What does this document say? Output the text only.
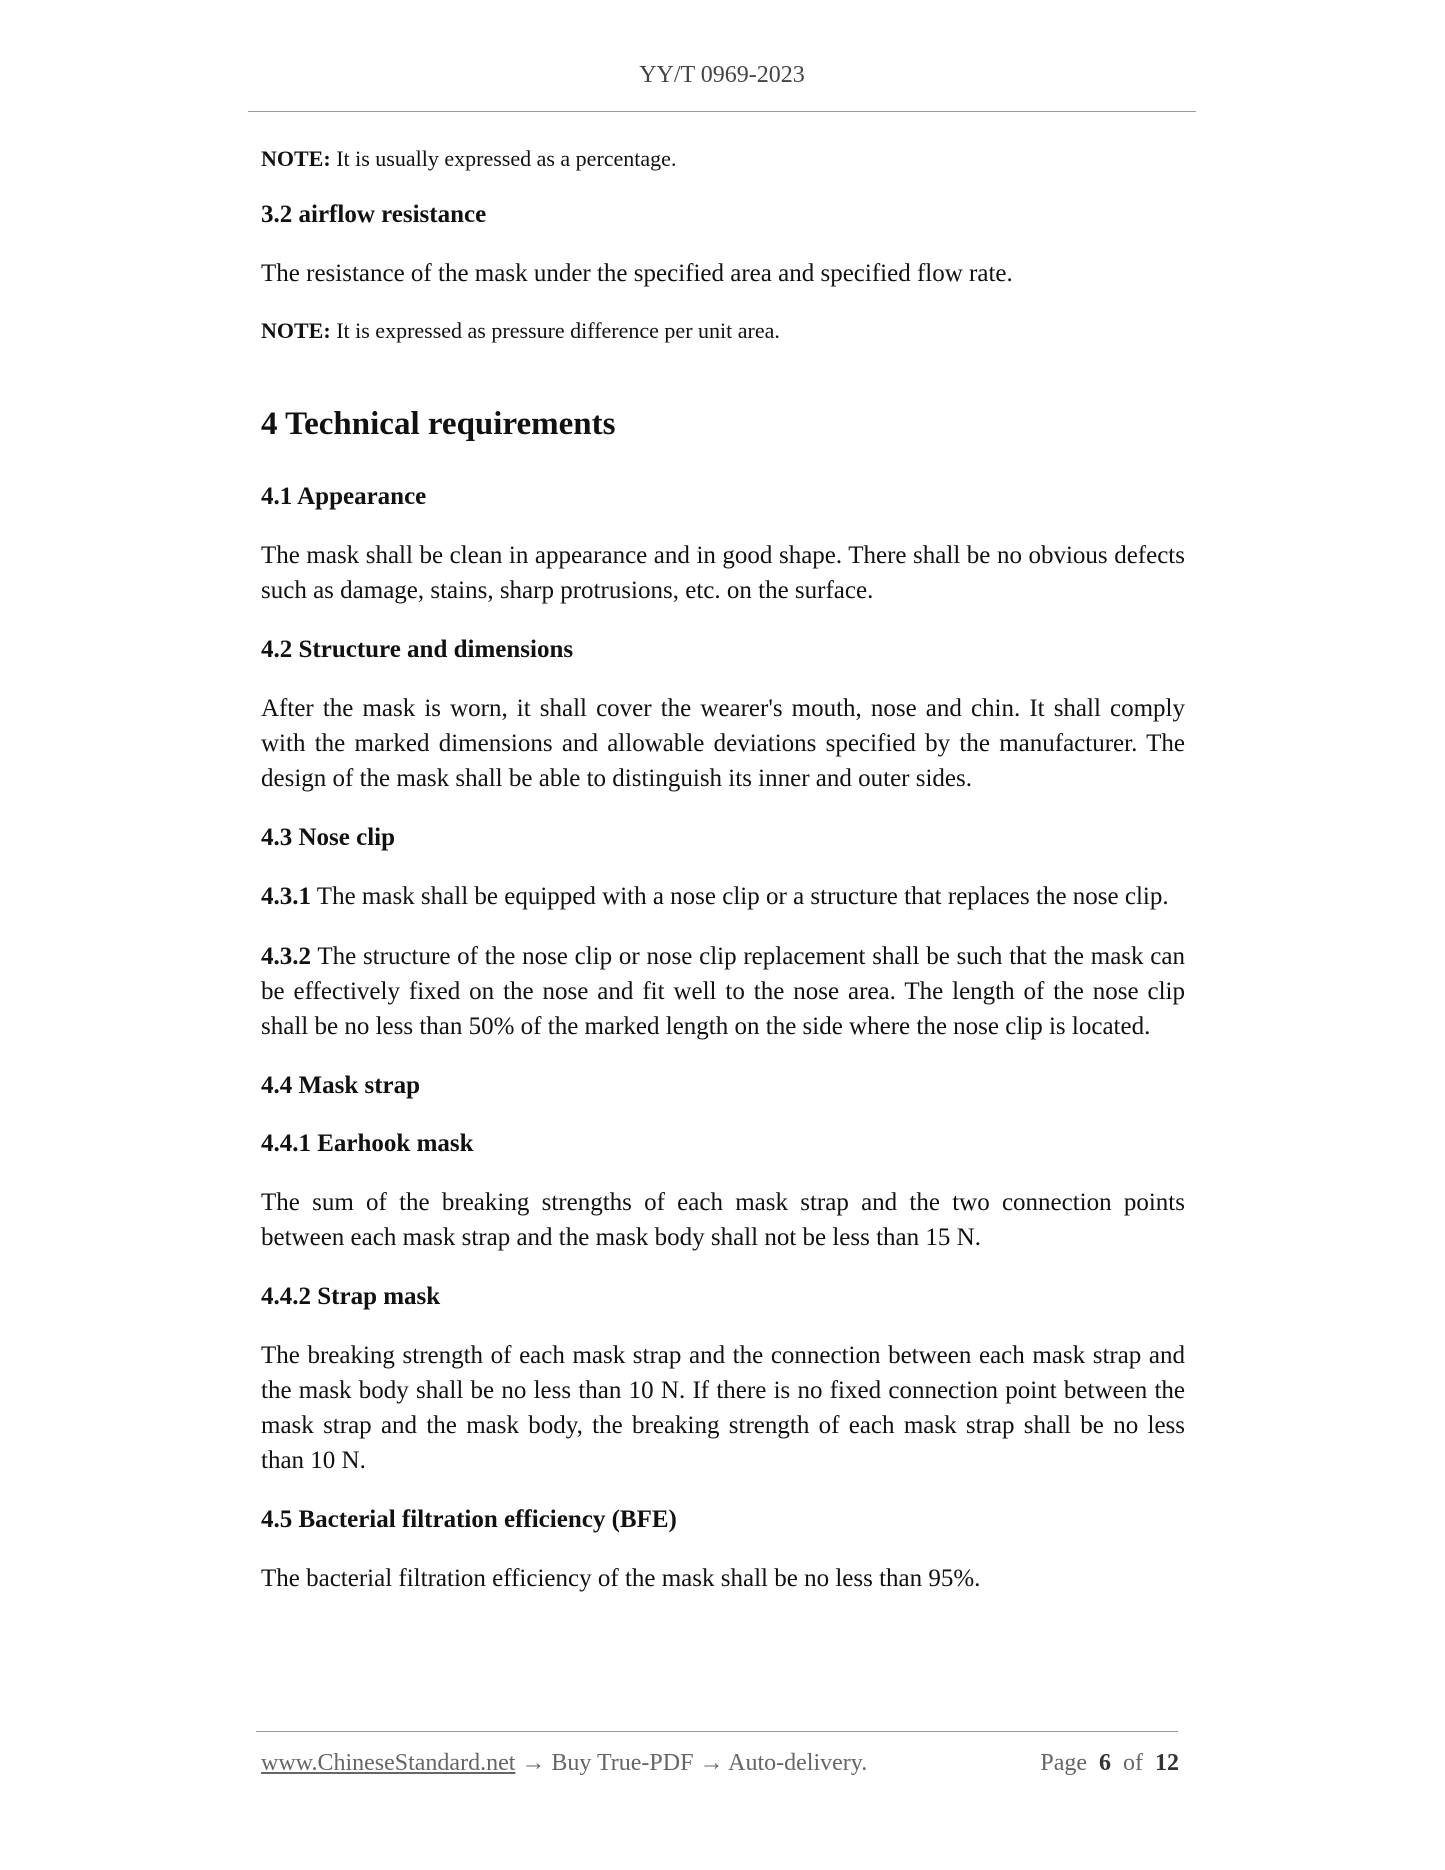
YY/T 0969-2023
NOTE: It is usually expressed as a percentage.
3.2 airflow resistance
The resistance of the mask under the specified area and specified flow rate.
NOTE: It is expressed as pressure difference per unit area.
4 Technical requirements
4.1 Appearance
The mask shall be clean in appearance and in good shape. There shall be no obvious defects such as damage, stains, sharp protrusions, etc. on the surface.
4.2 Structure and dimensions
After the mask is worn, it shall cover the wearer's mouth, nose and chin. It shall comply with the marked dimensions and allowable deviations specified by the manufacturer. The design of the mask shall be able to distinguish its inner and outer sides.
4.3 Nose clip
4.3.1 The mask shall be equipped with a nose clip or a structure that replaces the nose clip.
4.3.2 The structure of the nose clip or nose clip replacement shall be such that the mask can be effectively fixed on the nose and fit well to the nose area. The length of the nose clip shall be no less than 50% of the marked length on the side where the nose clip is located.
4.4 Mask strap
4.4.1 Earhook mask
The sum of the breaking strengths of each mask strap and the two connection points between each mask strap and the mask body shall not be less than 15 N.
4.4.2 Strap mask
The breaking strength of each mask strap and the connection between each mask strap and the mask body shall be no less than 10 N. If there is no fixed connection point between the mask strap and the mask body, the breaking strength of each mask strap shall be no less than 10 N.
4.5 Bacterial filtration efficiency (BFE)
The bacterial filtration efficiency of the mask shall be no less than 95%.
www.ChineseStandard.net → Buy True-PDF → Auto-delivery.	Page 6 of 12
